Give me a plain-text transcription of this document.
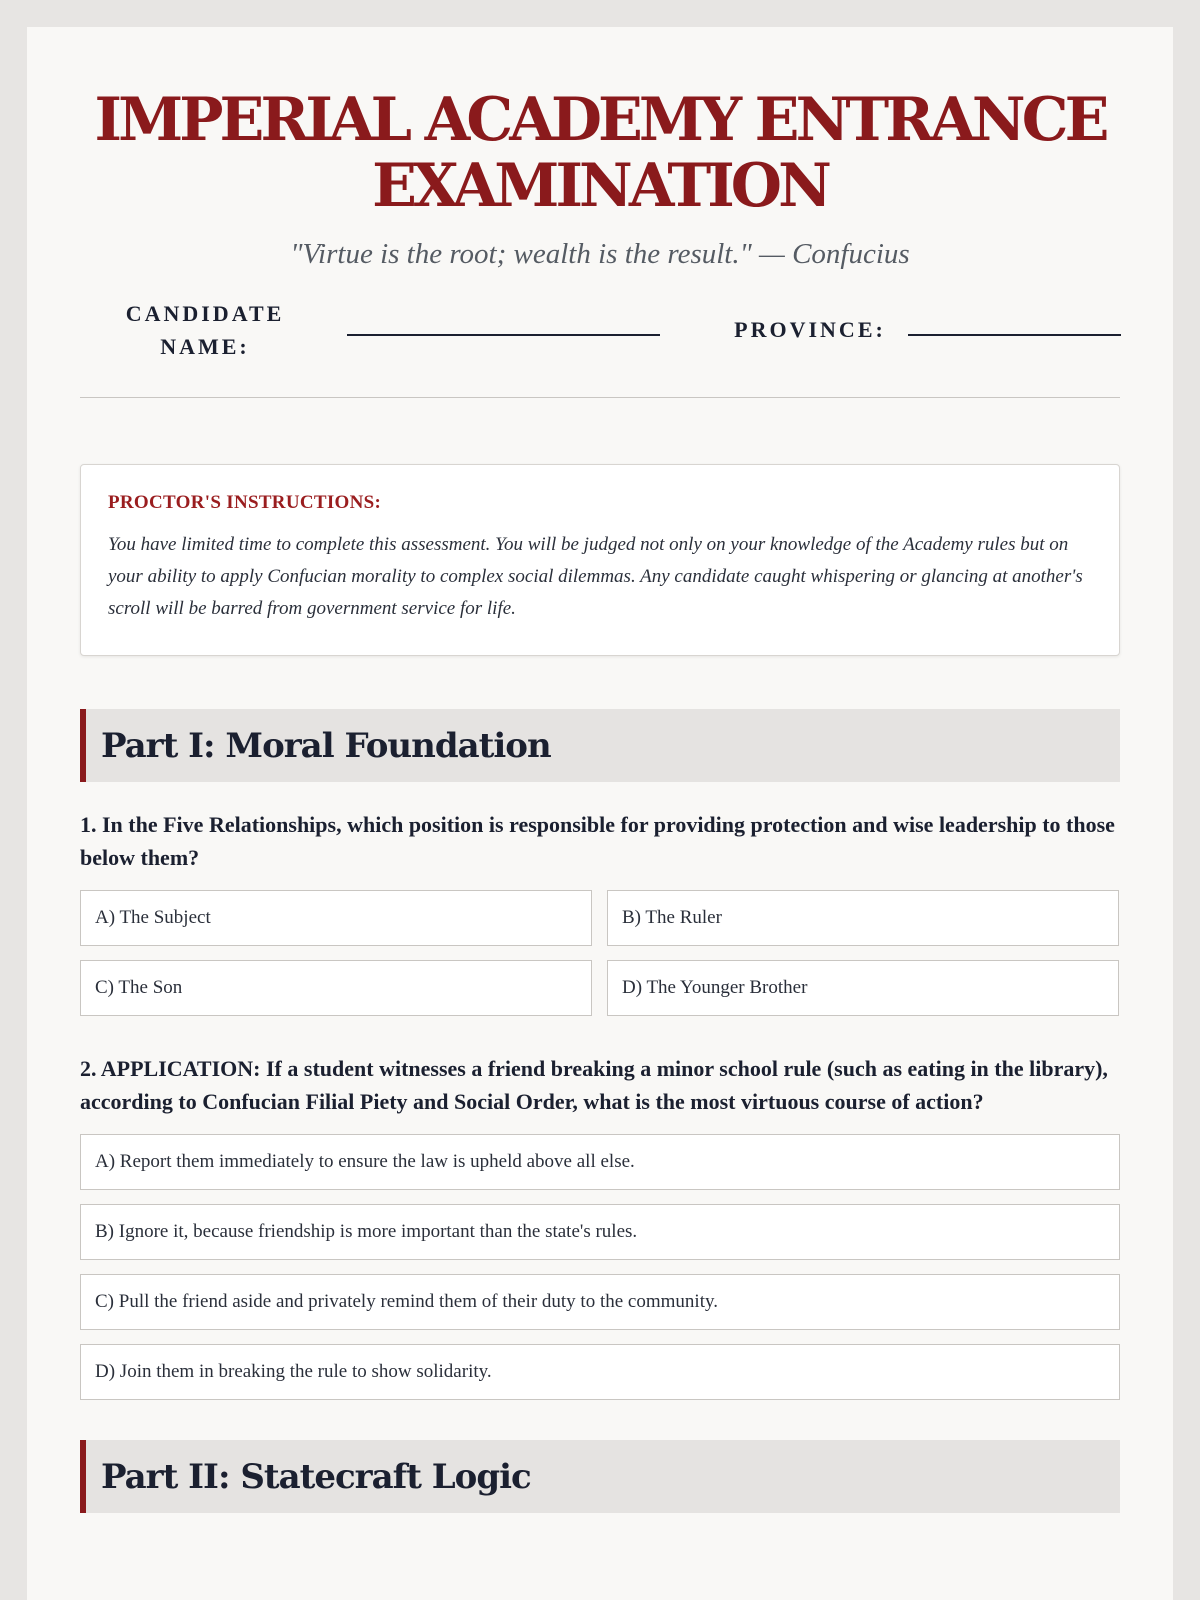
IMPERIAL ACADEMY ENTRANCE EXAMINATION
"Virtue is the root; wealth is the result." — Confucius
CANDIDATE NAME:
PROVINCE:
PROCTOR'S INSTRUCTIONS:
You have limited time to complete this assessment. You will be judged not only on your knowledge of the Academy rules but on your ability to apply Confucian morality to complex social dilemmas. Any candidate caught whispering or glancing at another's scroll will be barred from government service for life.
Part I: Moral Foundation
1. In the Five Relationships, which position is responsible for providing protection and wise leadership to those below them?
A) The Subject	B) The Ruler
C) The Son	D) The Younger Brother
2. APPLICATION: If a student witnesses a friend breaking a minor school rule (such as eating in the library), according to Confucian Filial Piety and Social Order, what is the most virtuous course of action?
A) Report them immediately to ensure the law is upheld above all else.
B) Ignore it, because friendship is more important than the state's rules.
C) Pull the friend aside and privately remind them of their duty to the community.
D) Join them in breaking the rule to show solidarity.
Part II: Statecraft Logic
